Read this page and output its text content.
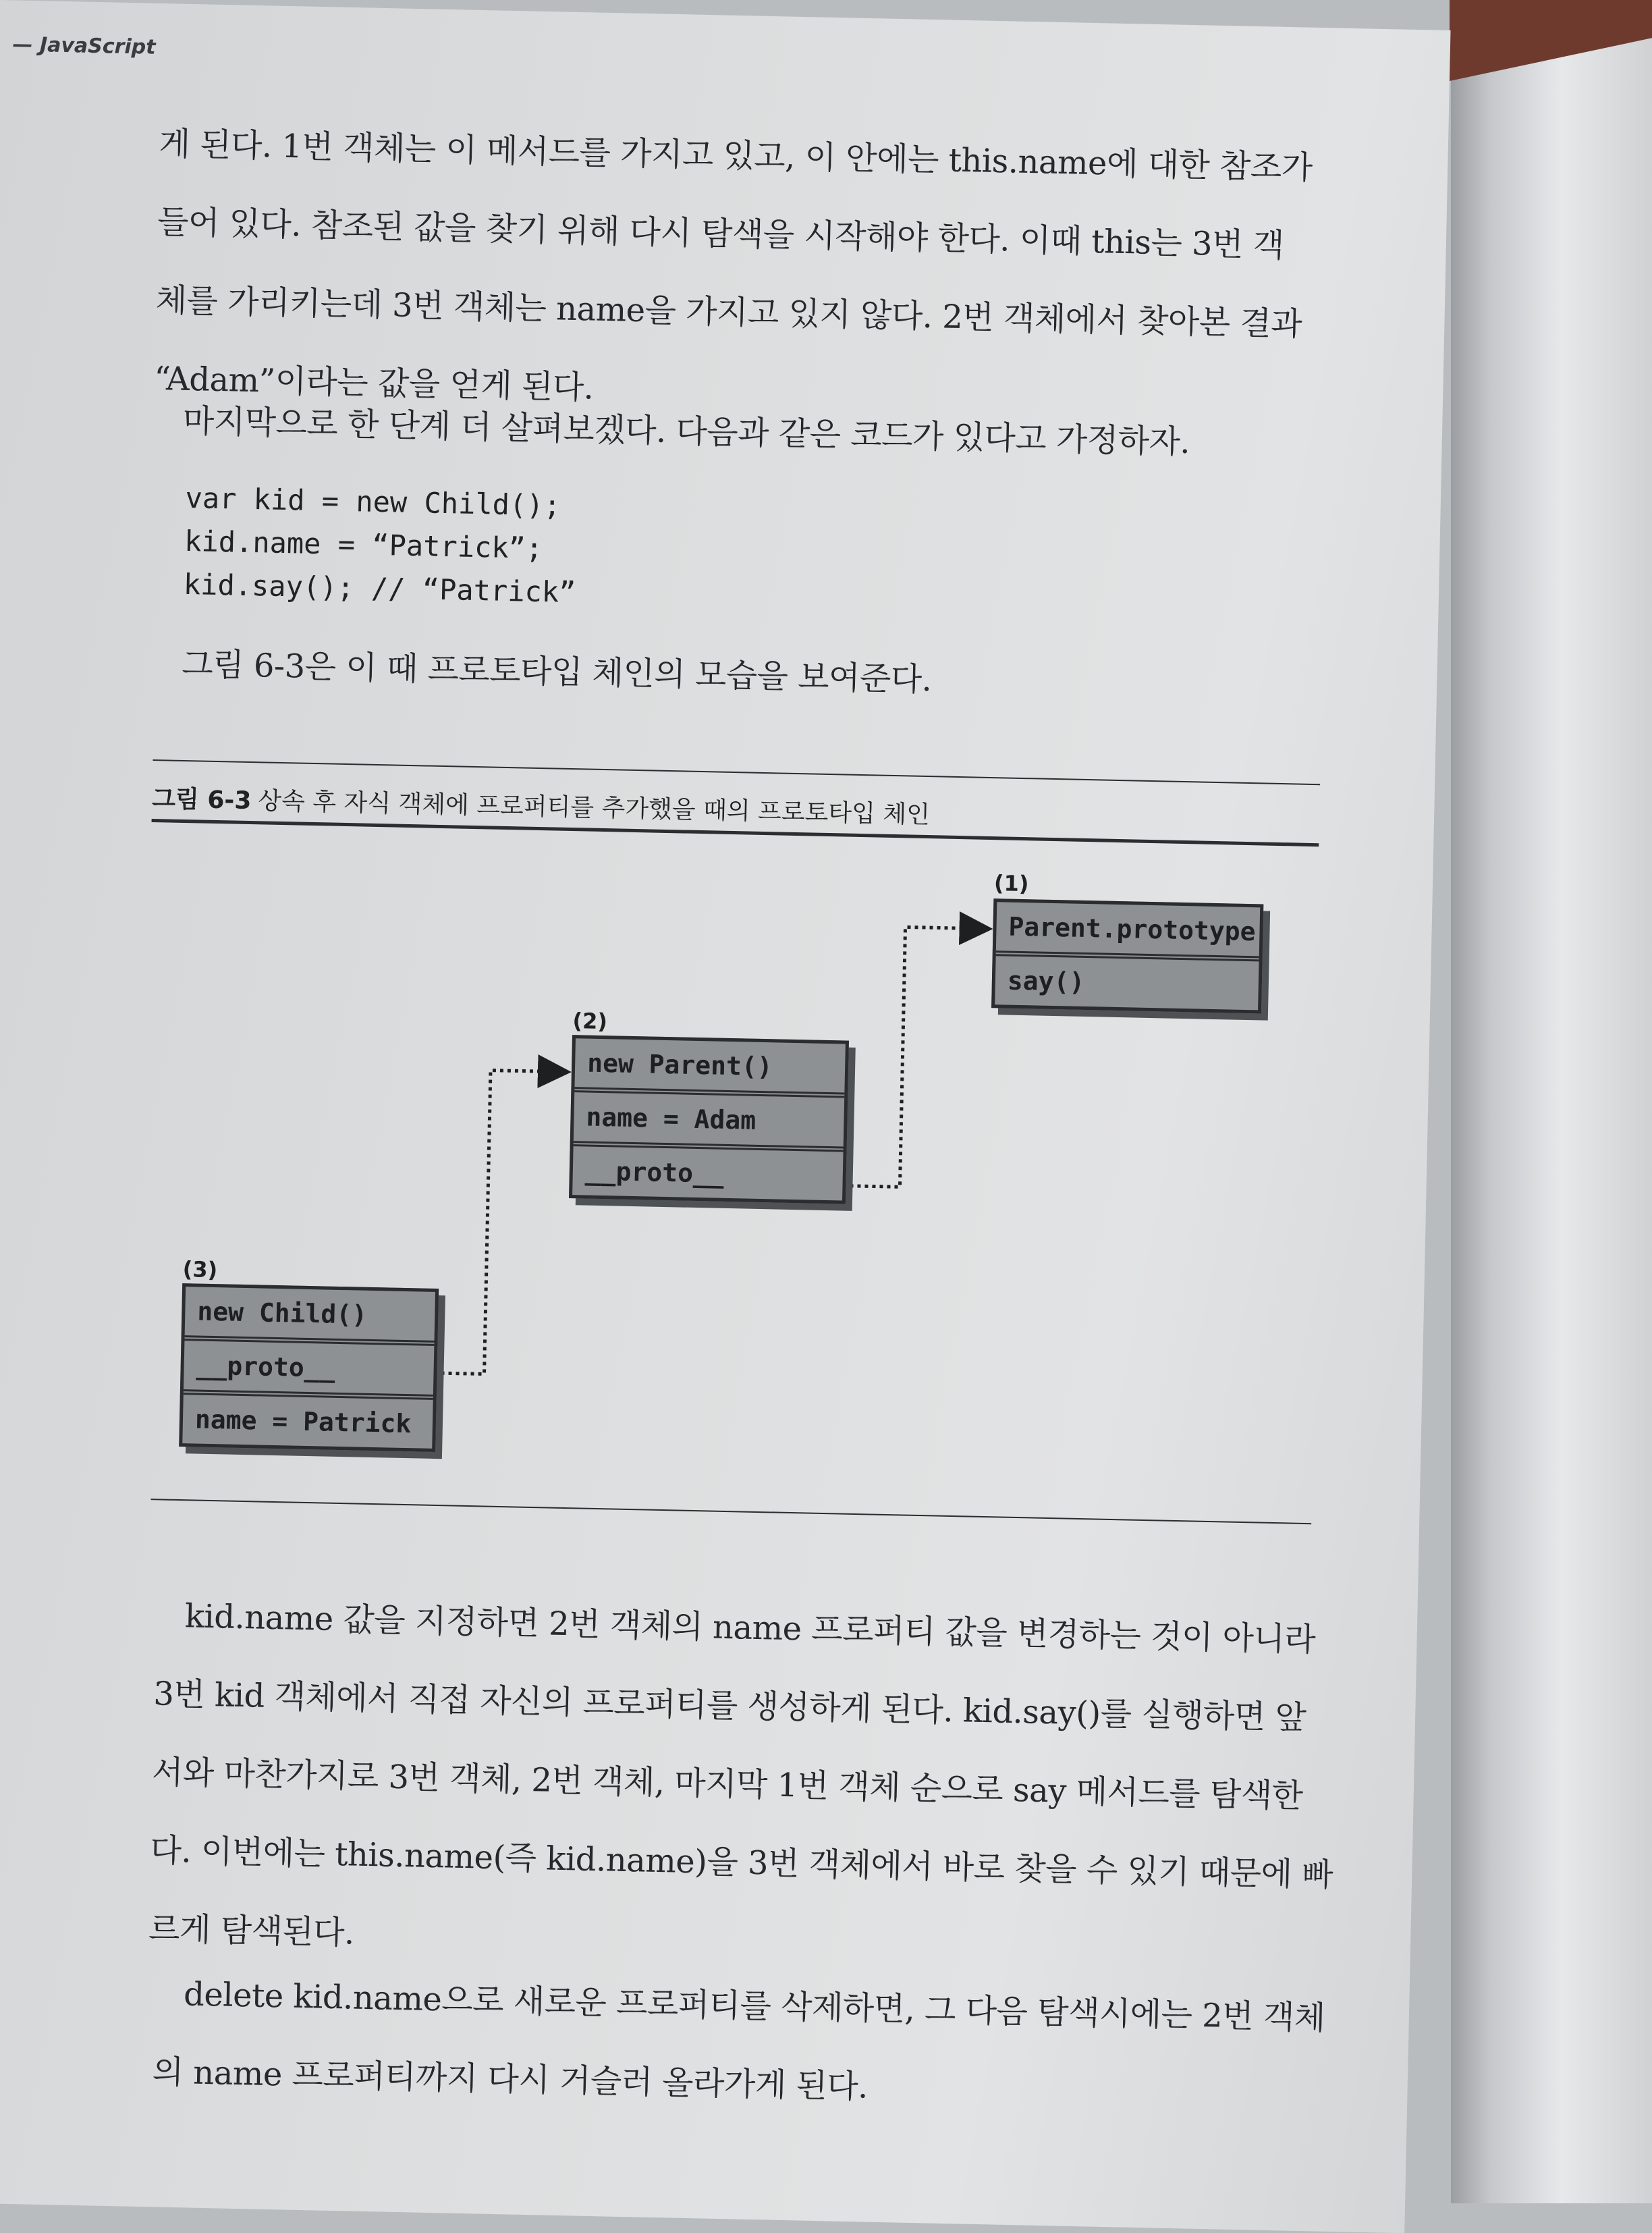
— JavaScript
게 된다. 1번 객체는 이 메서드를 가지고 있고, 이 안에는 this.name에 대한 참조가
들어 있다. 참조된 값을 찾기 위해 다시 탐색을 시작해야 한다. 이때 this는 3번 객
체를 가리키는데 3번 객체는 name을 가지고 있지 않다. 2번 객체에서 찾아본 결과
“Adam”이라는 값을 얻게 된다.
마지막으로 한 단계 더 살펴보겠다. 다음과 같은 코드가 있다고 가정하자.
var kid = new Child();
kid.name = “Patrick”;
kid.say(); // “Patrick”
그림 6-3은 이 때 프로토타입 체인의 모습을 보여준다.
그림 6-3 상속 후 자식 객체에 프로퍼티를 추가했을 때의 프로토타입 체인
(1)
Parent.prototype
say()
(2)
new Parent()
name = Adam
__proto__
(3)
new Child()
__proto__
name = Patrick
kid.name 값을 지정하면 2번 객체의 name 프로퍼티 값을 변경하는 것이 아니라
3번 kid 객체에서 직접 자신의 프로퍼티를 생성하게 된다. kid.say()를 실행하면 앞
서와 마찬가지로 3번 객체, 2번 객체, 마지막 1번 객체 순으로 say 메서드를 탐색한
다. 이번에는 this.name(즉 kid.name)을 3번 객체에서 바로 찾을 수 있기 때문에 빠
르게 탐색된다.
delete kid.name으로 새로운 프로퍼티를 삭제하면, 그 다음 탐색시에는 2번 객체
의 name 프로퍼티까지 다시 거슬러 올라가게 된다.
